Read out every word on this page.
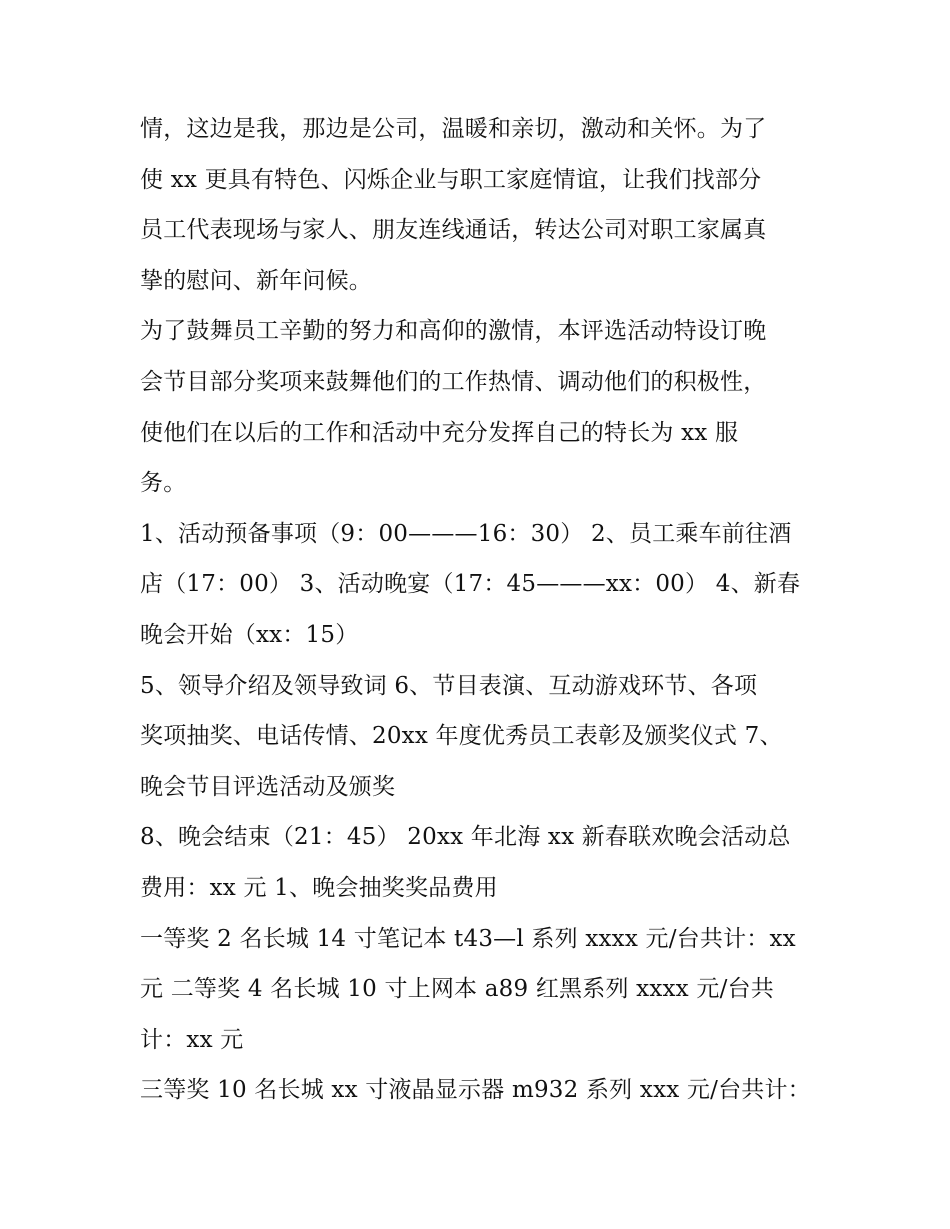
情，这边是我，那边是公司，温暖和亲切，激动和关怀。为了
使 xx 更具有特色、闪烁企业与职工家庭情谊，让我们找部分
员工代表现场与家人、朋友连线通话，转达公司对职工家属真
挚的慰问、新年问候。
为了鼓舞员工辛勤的努力和高仰的激情，本评选活动特设订晚
会节目部分奖项来鼓舞他们的工作热情、调动他们的积极性，
使他们在以后的工作和活动中充分发挥自己的特长为 xx 服
务。
1、活动预备事项（9：00———16：30） 2、员工乘车前往酒
店（17：00） 3、活动晚宴（17：45———xx：00） 4、新春
晚会开始（xx：15）
5、领导介绍及领导致词 6、节目表演、互动游戏环节、各项
奖项抽奖、电话传情、20xx 年度优秀员工表彰及颁奖仪式 7、
晚会节目评选活动及颁奖
8、晚会结束（21：45） 20xx 年北海 xx 新春联欢晚会活动总
费用：xx 元 1、晚会抽奖奖品费用
一等奖 2 名长城 14 寸笔记本 t43—l 系列 xxxx 元/台共计：xx
元 二等奖 4 名长城 10 寸上网本 a89 红黑系列 xxxx 元/台共
计：xx 元
三等奖 10 名长城 xx 寸液晶显示器 m932 系列 xxx 元/台共计：
